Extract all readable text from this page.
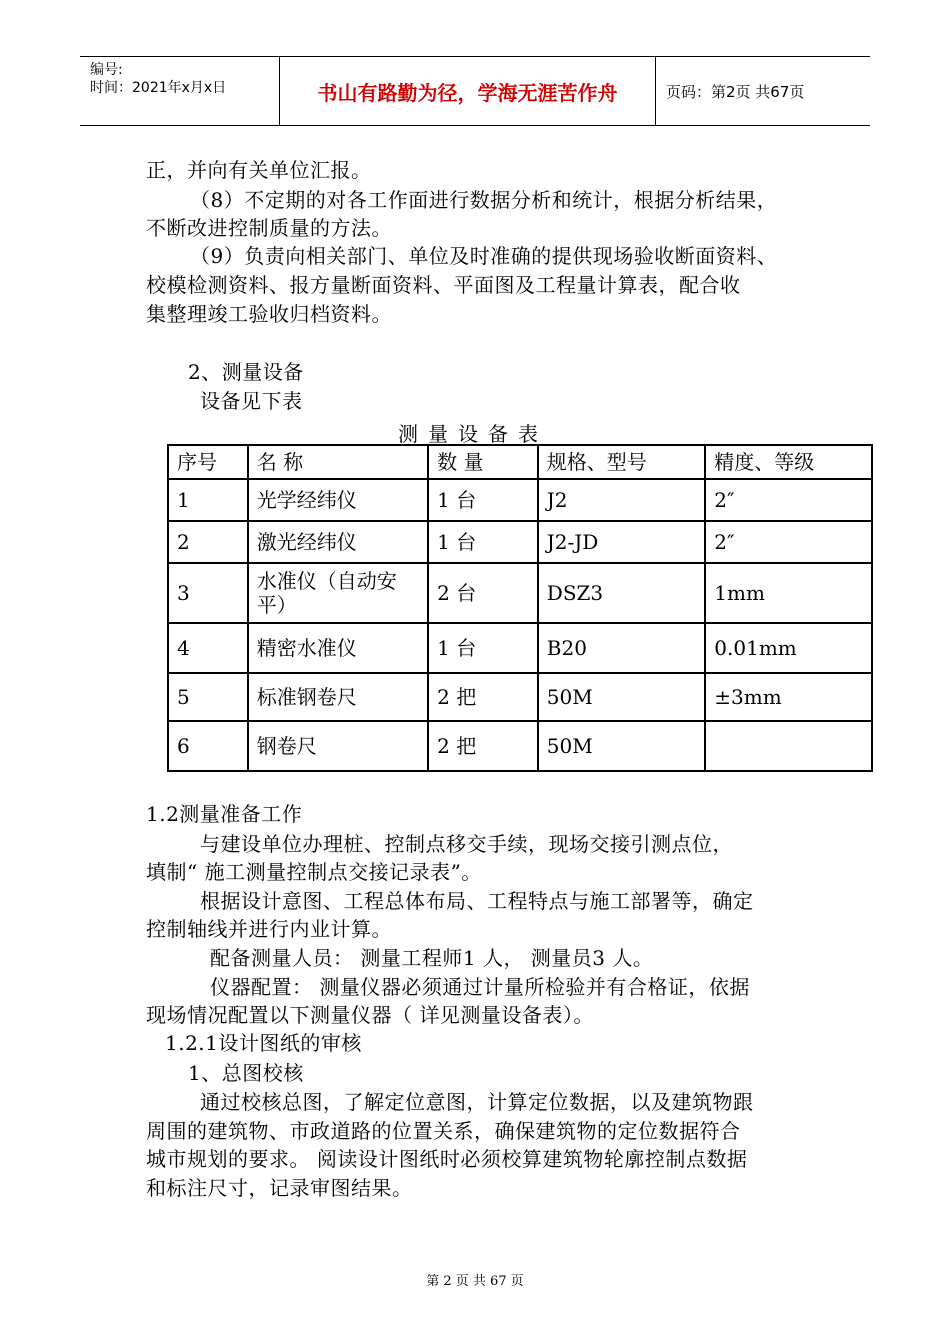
编号:
时间：2021年x月x日	书山有路勤为径，学海无涯苦作舟	页码：第2页 共67页
正，并向有关单位汇报。
（8）不定期的对各工作面进行数据分析和统计，根据分析结果，
不断改进控制质量的方法。
（9）负责向相关部门、单位及时准确的提供现场验收断面资料、
校模检测资料、报方量断面资料、平面图及工程量计算表，配合收
集整理竣工验收归档资料。
2、测量设备
设备见下表
测量设备表
序号	名 称	数 量	规格、型号	精度、等级
1	光学经纬仪	1 台	J2	2″
2	激光经纬仪	1 台	J2-JD	2″
3	水准仪（自动安平）	2 台	DSZ3	1mm
4	精密水准仪	1 台	B20	0.01mm
5	标准钢卷尺	2 把	50M	±3mm
6	钢卷尺	2 把	50M	
1.2测量准备工作
与建设单位办理桩、控制点移交手续，现场交接引测点位，
填制“ 施工测量控制点交接记录表”。
根据设计意图、工程总体布局、工程特点与施工部署等，确定
控制轴线并进行内业计算。
配备测量人员： 测量工程师1 人， 测量员3 人。
仪器配置： 测量仪器必须通过计量所检验并有合格证，依据
现场情况配置以下测量仪器（ 详见测量设备表）。
1.2.1设计图纸的审核
1、总图校核
通过校核总图，了解定位意图，计算定位数据，以及建筑物跟
周围的建筑物、市政道路的位置关系，确保建筑物的定位数据符合
城市规划的要求。 阅读设计图纸时必须校算建筑物轮廓控制点数据
和标注尺寸，记录审图结果。
第 2 页 共 67 页
